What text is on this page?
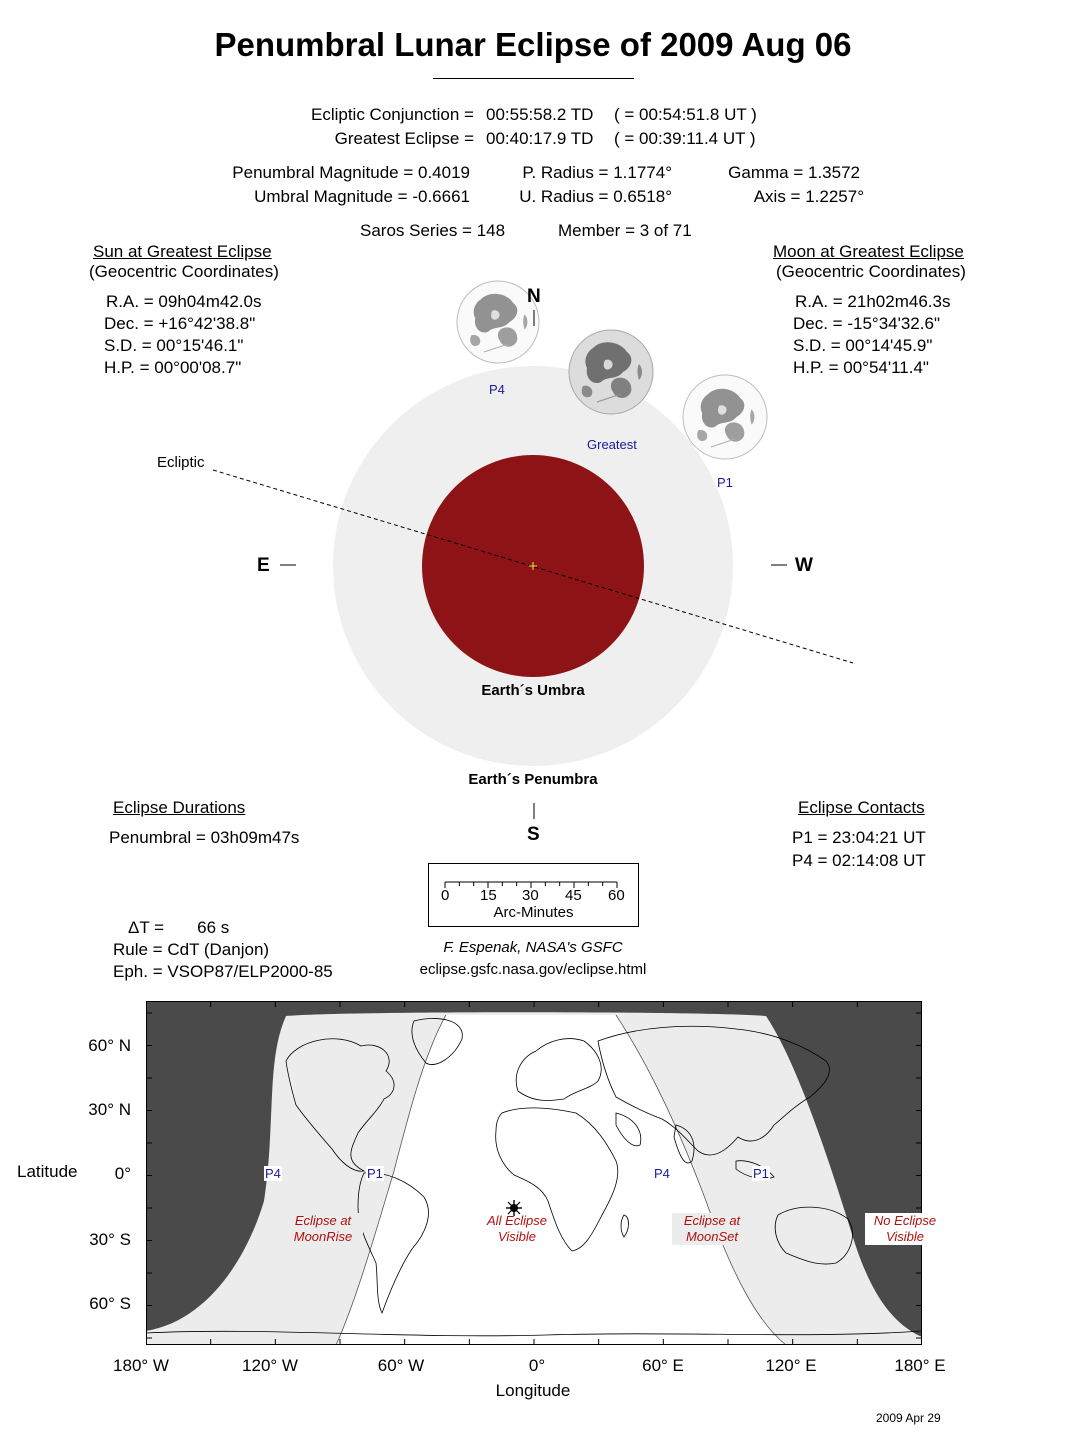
Penumbral Lunar Eclipse of 2009 Aug 06
Ecliptic Conjunction = 00:55:58.2 TD ( = 00:54:51.8 UT )
Greatest Eclipse = 00:40:17.9 TD ( = 00:39:11.4 UT )
Penumbral Magnitude = 0.4019
Umbral Magnitude = -0.6661
P. Radius = 1.1774°
U. Radius = 0.6518°
Gamma = 1.3572
Axis = 1.2257°
Saros Series = 148	Member = 3 of 71
Sun at Greatest Eclipse
(Geocentric Coordinates)
R.A. = 09h04m42.0s
Dec. = +16°42'38.8"
S.D. = 00°15'46.1"
H.P. = 00°00'08.7"
Moon at Greatest Eclipse
(Geocentric Coordinates)
R.A. = 21h02m46.3s
Dec. = -15°34'32.6"
S.D. = 00°14'45.9"
H.P. = 00°54'11.4"
N
S
E	W
Ecliptic
P4
Greatest
P1
Earth´s Umbra
Earth´s Penumbra
Eclipse Durations
Penumbral = 03h09m47s
Eclipse Contacts
P1 = 23:04:21 UT
P4 = 02:14:08 UT
0 15 30 45 60
Arc-Minutes
ΔT =       66 s
Rule = CdT (Danjon)
Eph. = VSOP87/ELP2000-85
F. Espenak, NASA's GSFC
eclipse.gsfc.nasa.gov/eclipse.html
60° N
30° N
0°
30° S
60° S
Latitude
180° W	120° W	60° W	0°	60° E	120° E	180° E
Longitude
P4	P1	P4	P1
Eclipse at
MoonRise
All Eclipse
Visible
Eclipse at
MoonSet
No Eclipse
Visible
2009 Apr 29
